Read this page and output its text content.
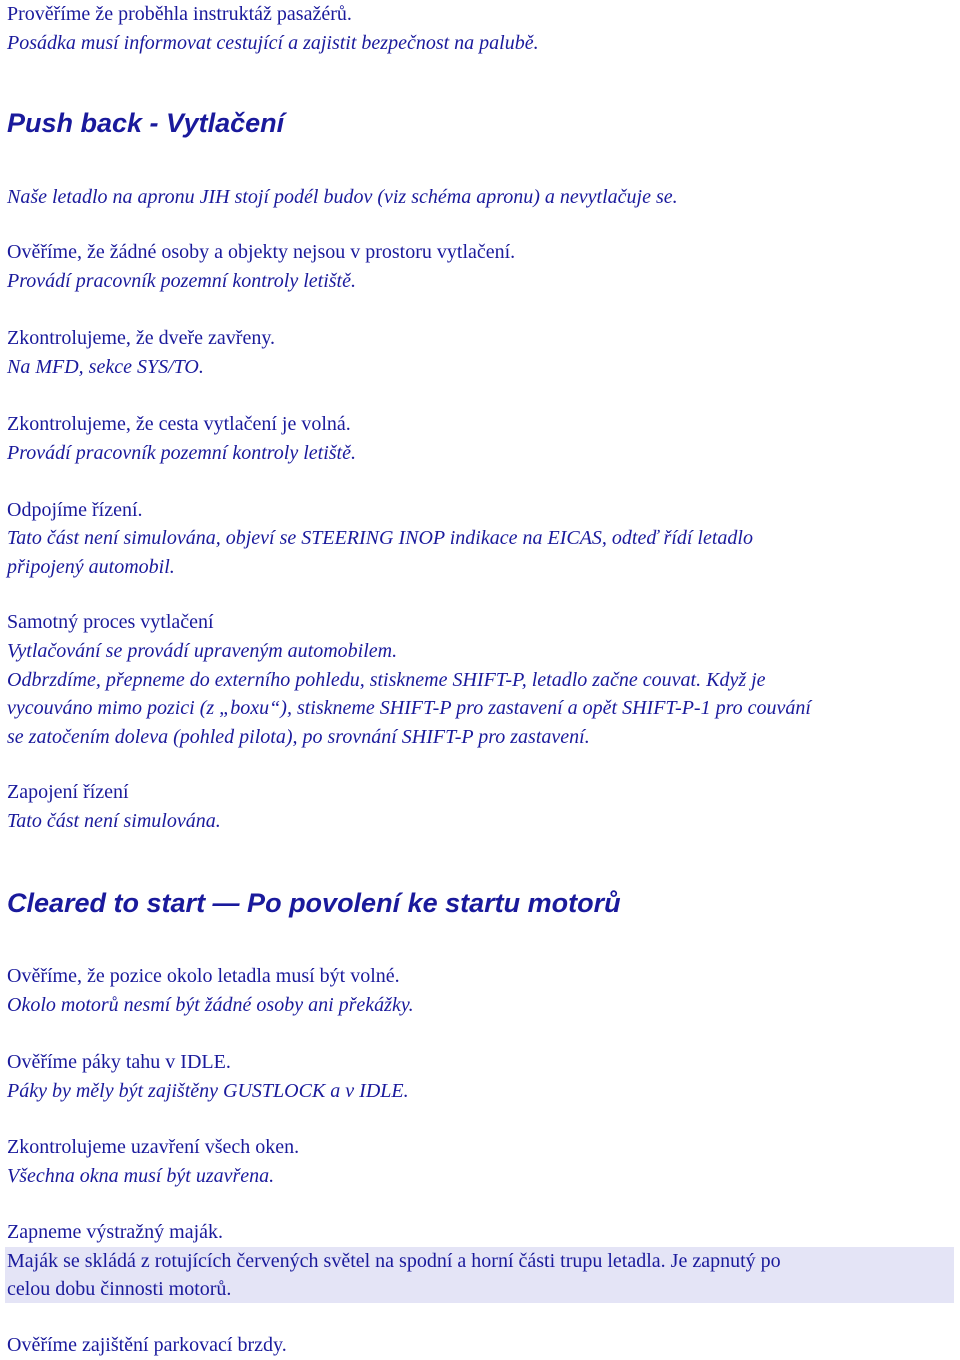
Prověříme že proběhla instruktáž pasažérů.
Posádka musí informovat cestující a zajistit bezpečnost na palubě.
Push back - Vytlačení
Naše letadlo na apronu JIH stojí podél budov (viz schéma apronu) a nevytlačuje se.
Ověříme, že žádné osoby a objekty nejsou v prostoru vytlačení.
Provádí pracovník pozemní kontroly letiště.
Zkontrolujeme, že dveře zavřeny.
Na MFD, sekce SYS/TO.
Zkontrolujeme, že cesta vytlačení je volná.
Provádí pracovník pozemní kontroly letiště.
Odpojíme řízení.
Tato část není simulována, objeví se STEERING INOP indikace na EICAS, odteď řídí letadlo
připojený automobil.
Samotný proces vytlačení
Vytlačování se provádí upraveným automobilem.
Odbrzdíme, přepneme do externího pohledu, stiskneme SHIFT-P, letadlo začne couvat. Když je
vycouváno mimo pozici (z „boxu“), stiskneme SHIFT-P pro zastavení a opět SHIFT-P-1 pro couvání
se zatočením doleva (pohled pilota), po srovnání SHIFT-P pro zastavení.
Zapojení řízení
Tato část není simulována.
Cleared to start — Po povolení ke startu motorů
Ověříme, že pozice okolo letadla musí být volné.
Okolo motorů nesmí být žádné osoby ani překážky.
Ověříme páky tahu v IDLE.
Páky by měly být zajištěny GUSTLOCK a v IDLE.
Zkontrolujeme uzavření všech oken.
Všechna okna musí být uzavřena.
Zapneme výstražný maják.
Maják se skládá z rotujících červených světel na spodní a horní části trupu letadla. Je zapnutý po
celou dobu činnosti motorů.
Ověříme zajištění parkovací brzdy.
